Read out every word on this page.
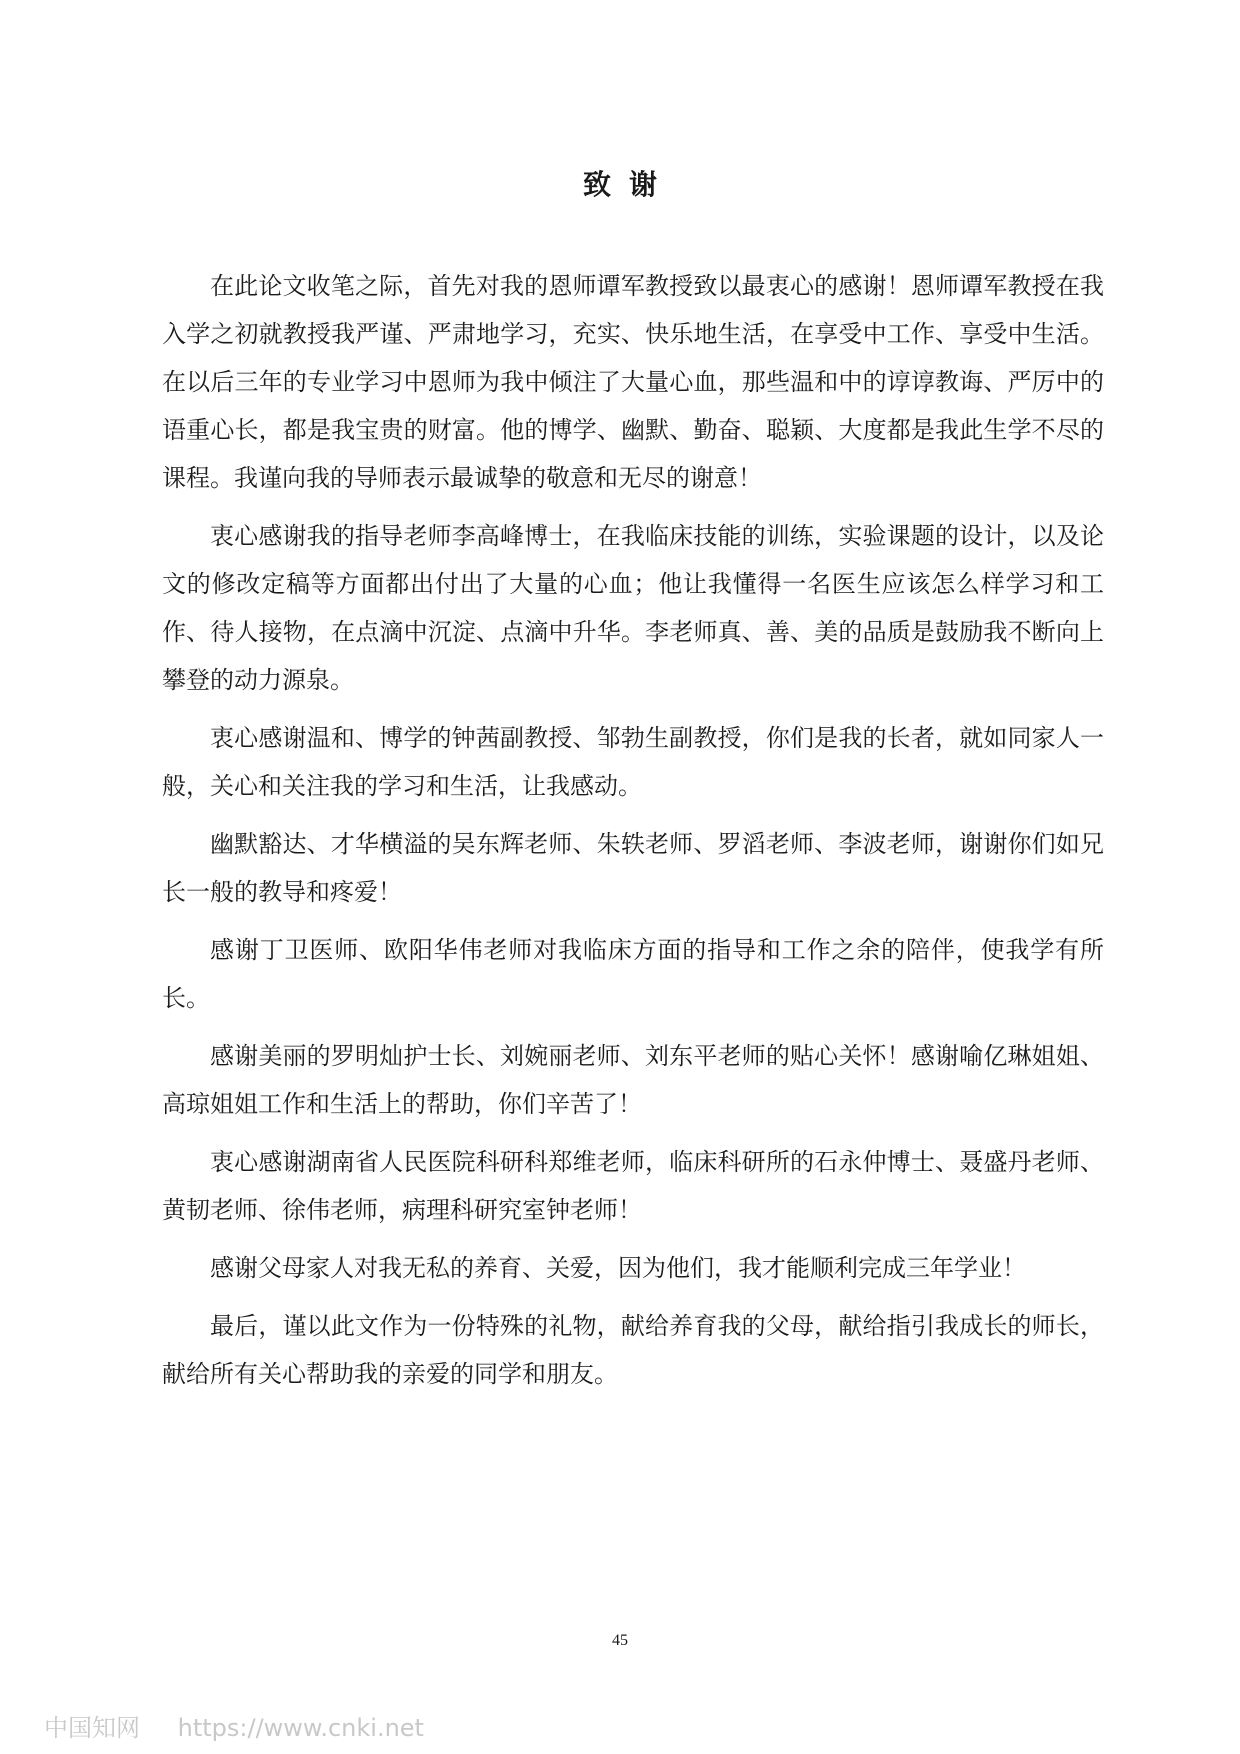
致谢

在此论文收笔之际，首先对我的恩师谭军教授致以最衷心的感谢！恩师谭军教授在我入学之初就教授我严谨、严肃地学习，充实、快乐地生活，在享受中工作、享受中生活。在以后三年的专业学习中恩师为我中倾注了大量心血，那些温和中的谆谆教诲、严厉中的语重心长，都是我宝贵的财富。他的博学、幽默、勤奋、聪颖、大度都是我此生学不尽的课程。我谨向我的导师表示最诚挚的敬意和无尽的谢意！

衷心感谢我的指导老师李高峰博士，在我临床技能的训练，实验课题的设计，以及论文的修改定稿等方面都出付出了大量的心血；他让我懂得一名医生应该怎么样学习和工作、待人接物，在点滴中沉淀、点滴中升华。李老师真、善、美的品质是鼓励我不断向上攀登的动力源泉。

衷心感谢温和、博学的钟茜副教授、邹勃生副教授，你们是我的长者，就如同家人一般，关心和关注我的学习和生活，让我感动。

幽默豁达、才华横溢的吴东辉老师、朱轶老师、罗滔老师、李波老师，谢谢你们如兄长一般的教导和疼爱！

感谢丁卫医师、欧阳华伟老师对我临床方面的指导和工作之余的陪伴，使我学有所长。

感谢美丽的罗明灿护士长、刘婉丽老师、刘东平老师的贴心关怀！感谢喻亿琳姐姐、高琼姐姐工作和生活上的帮助，你们辛苦了！

衷心感谢湖南省人民医院科研科郑维老师，临床科研所的石永仲博士、聂盛丹老师、黄韧老师、徐伟老师，病理科研究室钟老师！

感谢父母家人对我无私的养育、关爱，因为他们，我才能顺利完成三年学业！

最后，谨以此文作为一份特殊的礼物，献给养育我的父母，献给指引我成长的师长，献给所有关心帮助我的亲爱的同学和朋友。

45
中国知网 https://www.cnki.net
